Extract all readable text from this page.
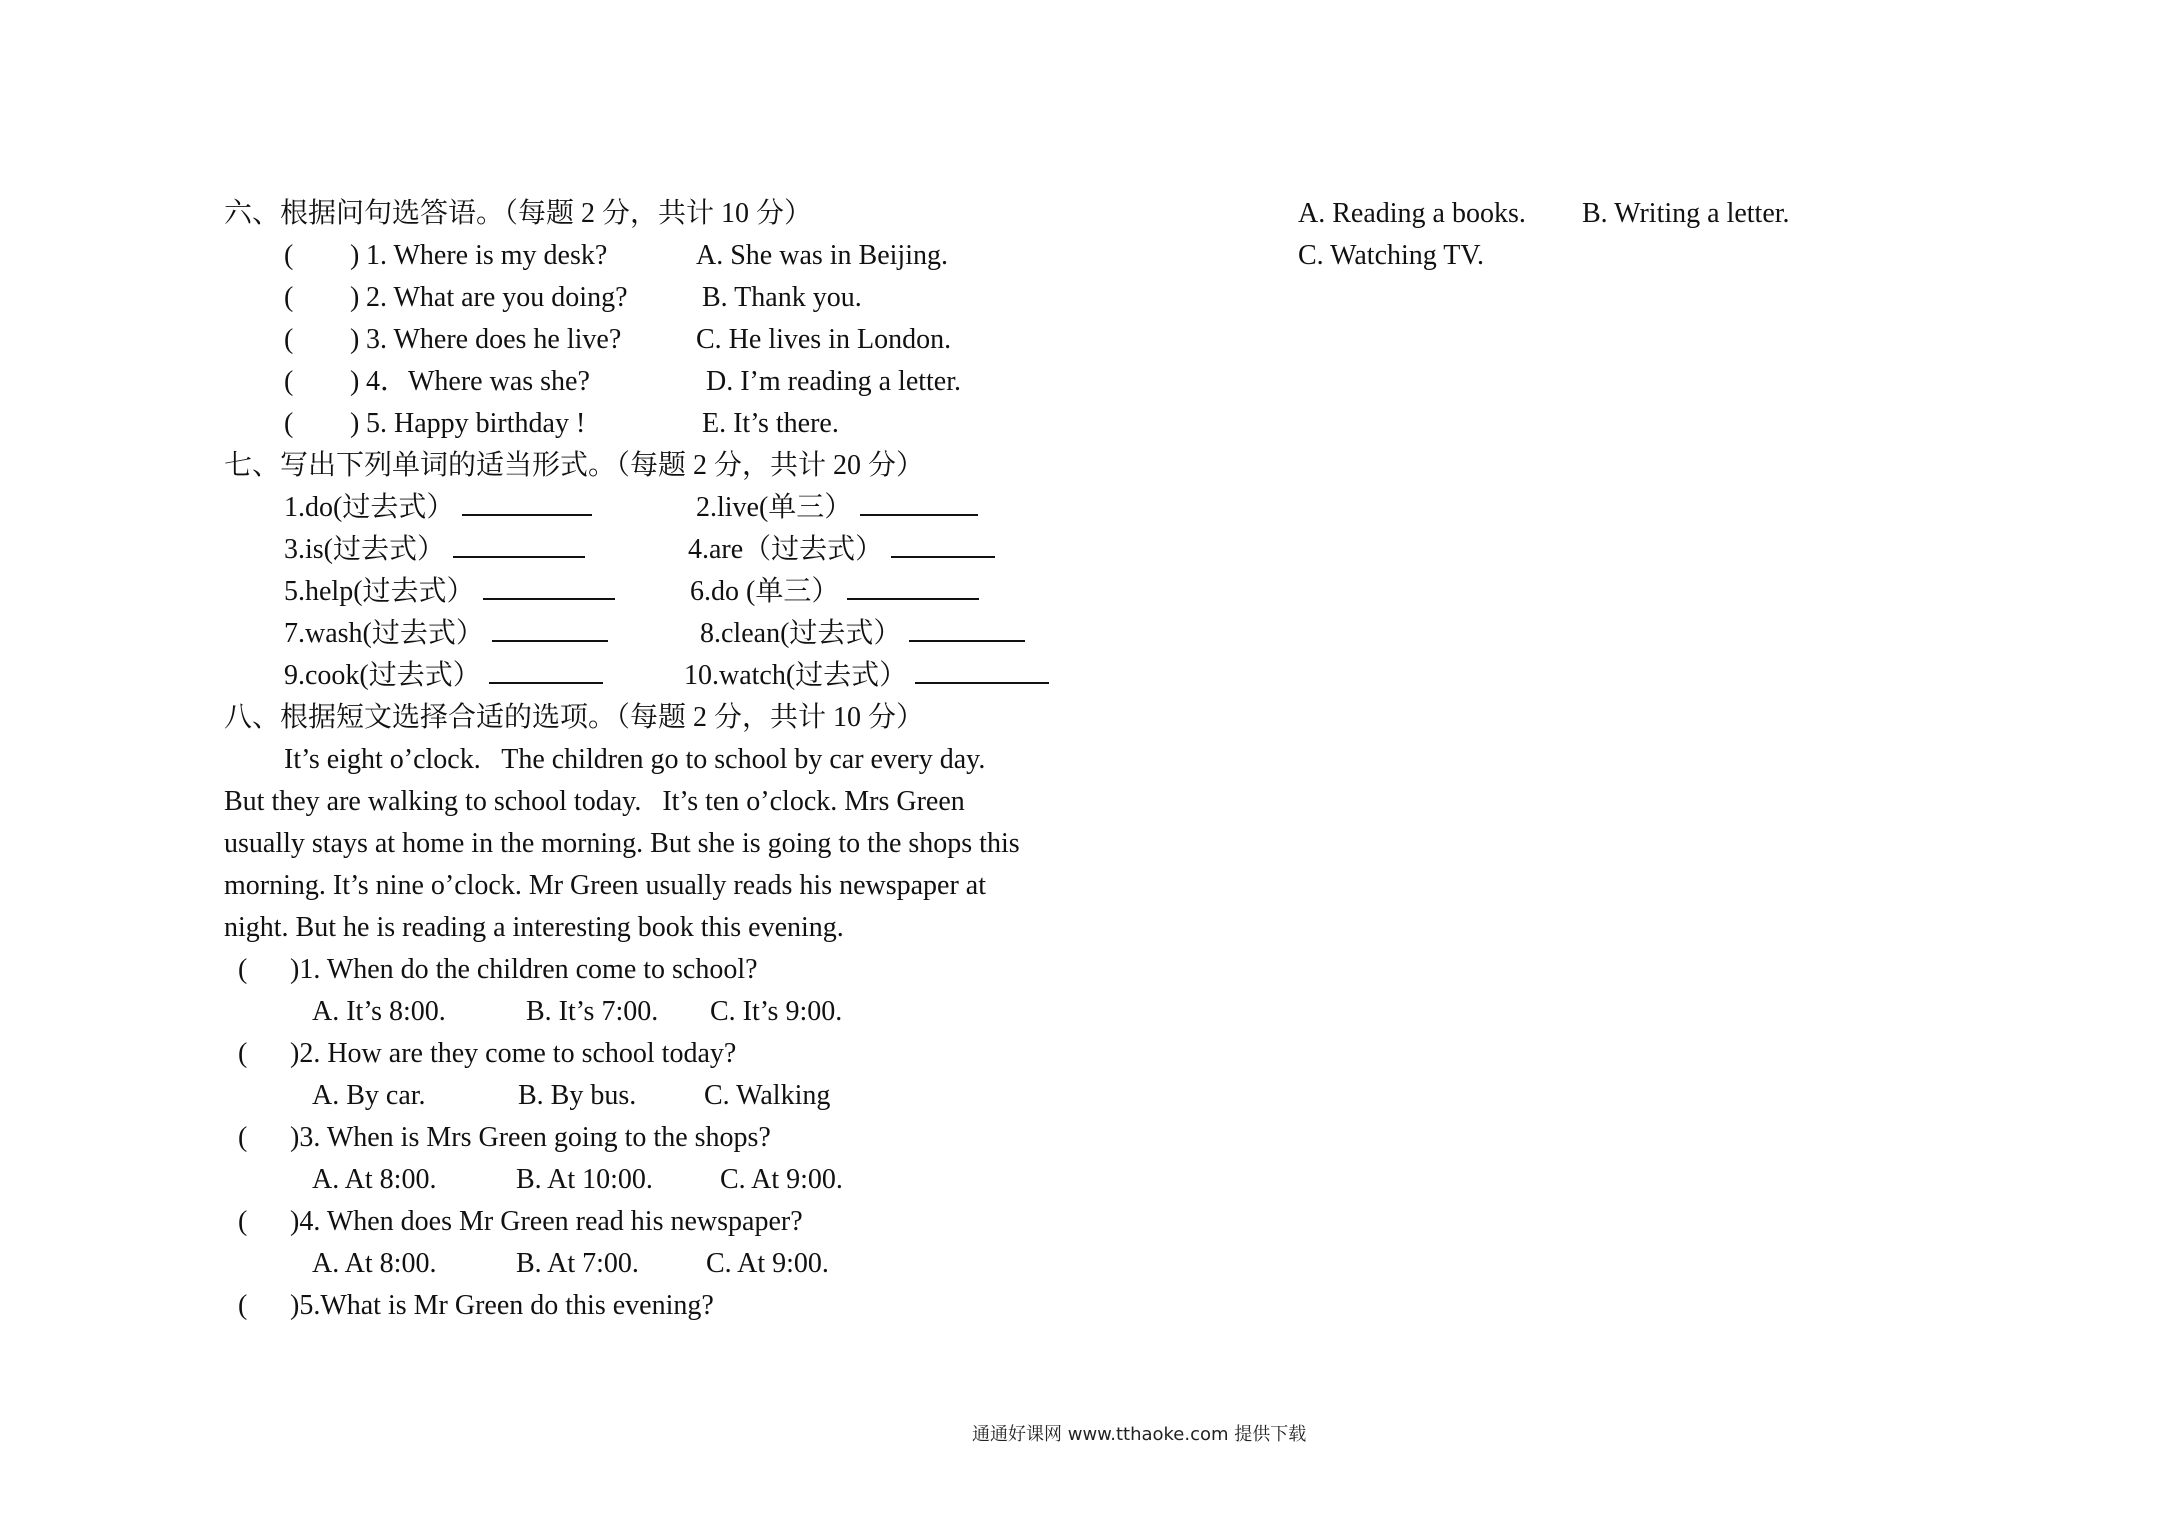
六、根据问句选答语。（每题 2 分，共计 10 分）
( ) 1. Where is my desk?	A. She was in Beijing.
( ) 2. What are you doing?	B. Thank you.
( ) 3. Where does he live?	C. He lives in London.
( ) 4．Where was she?	D. I’m reading a letter.
( ) 5. Happy birthday !	E. It’s there.
七、写出下列单词的适当形式。（每题 2 分，共计 20 分）
1.do(过去式）	2.live(单三）
3.is(过去式）	4.are（过去式）
5.help(过去式）	6.do (单三）
7.wash(过去式）	8.clean(过去式）
9.cook(过去式）	10.watch(过去式）
八、根据短文选择合适的选项。（每题 2 分，共计 10 分）
It’s eight o’clock.   The children go to school by car every day.
But they are walking to school today.   It’s ten o’clock. Mrs Green
usually stays at home in the morning. But she is going to the shops this
morning. It’s nine o’clock. Mr Green usually reads his newspaper at
night. But he is reading a interesting book this evening.
( )1. When do the children come to school?
A. It’s 8:00.	B. It’s 7:00. C. It’s 9:00.
( )2. How are they come to school today?
A. By car.	B. By bus. C. Walking
( )3. When is Mrs Green going to the shops?
A. At 8:00.	B. At 10:00. C. At 9:00.
( )4. When does Mr Green read his newspaper?
A. At 8:00.	B. At 7:00. C. At 9:00.
( )5.What is Mr Green do this evening?
A. Reading a books. B. Writing a letter.
C. Watching TV.
通通好课网 www.tthaoke.com 提供下载
